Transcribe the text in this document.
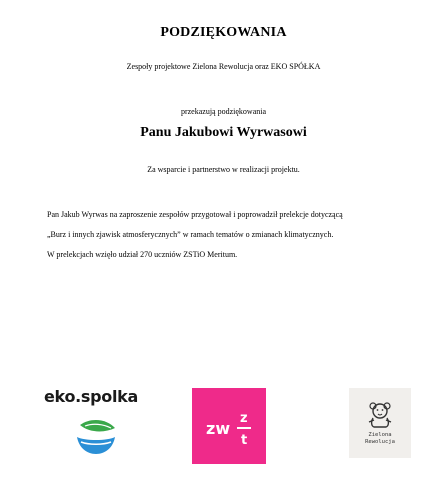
PODZIĘKOWANIA
Zespoły projektowe Zielona Rewolucja oraz EKO SPÓŁKA
przekazują podziękowania
Panu Jakubowi Wyrwasowi
Za wsparcie i partnerstwo w realizacji projektu.
Pan Jakub Wyrwas na zaproszenie zespołów przygotował i poprowadził prelekcje dotyczącą
„Burz i innych zjawisk atmosferycznych” w ramach tematów o zmianach klimatycznych.
W prelekcjach wzięło udział 270 uczniów ZSTiO Meritum.
eko.spolka
zw
z
t	Zielona
Rewolucja
